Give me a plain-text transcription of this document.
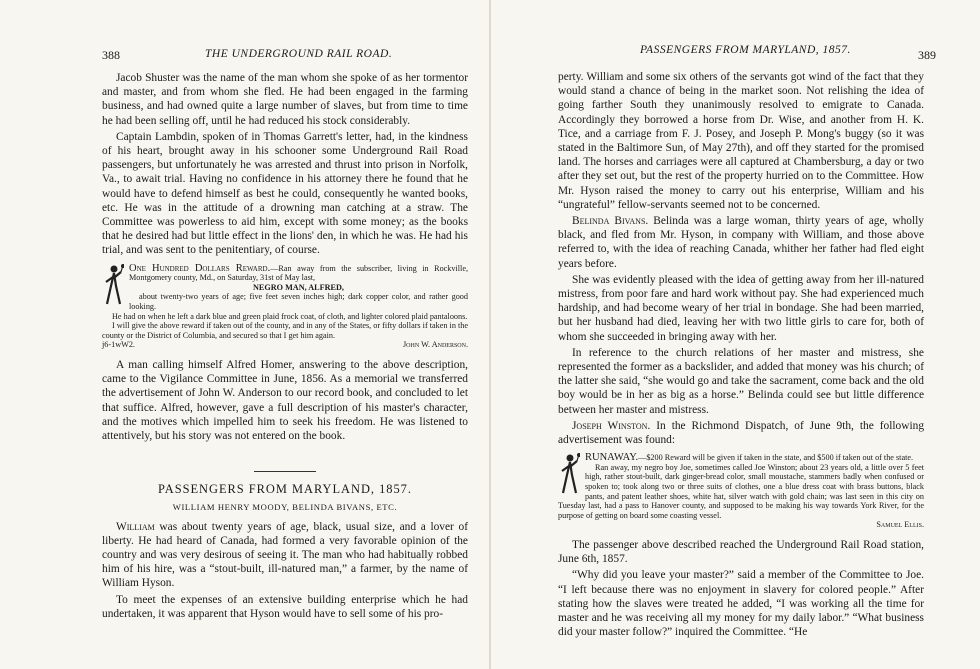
388	THE UNDERGROUND RAIL ROAD.

Jacob Shuster was the name of the man whom she spoke of as her tormentor and master, and from whom she fled. He had been engaged in the farming business, and had owned quite a large number of slaves, but from time to time he had been selling off, until he had reduced his stock considerably.

Captain Lambdin, spoken of in Thomas Garrett's letter, had, in the kindness of his heart, brought away in his schooner some Underground Rail Road passengers, but unfortunately he was arrested and thrust into prison in Norfolk, Va., to await trial. Having no confidence in his attorney there he found that he would have to defend himself as best he could, consequently he wanted books, etc. He was in the attitude of a drowning man catching at a straw. The Committee was powerless to aid him, except with some money; as the books that he desired had but little effect in the lions' den, in which he was. He had his trial, and was sent to the penitentiary, of course.

One Hundred Dollars Reward.—Ran away from the subscriber, living in Rockville, Montgomery county, Md., on Saturday, 31st of May last,

NEGRO MAN, ALFRED,

about twenty-two years of age; five feet seven inches high; dark copper color, and rather good looking.

He had on when he left a dark blue and green plaid frock coat, of cloth, and lighter colored plaid pantaloons.

I will give the above reward if taken out of the county, and in any of the States, or fifty dollars if taken in the county or the District of Columbia, and secured so that I get him again.

j6-1wW2.	John W. Anderson.

A man calling himself Alfred Homer, answering to the above description, came to the Vigilance Committee in June, 1856. As a memorial we transferred the advertisement of John W. Anderson to our record book, and concluded to let that suffice. Alfred, however, gave a full description of his master's character, and the motives which impelled him to seek his freedom. He was listened to attentively, but his story was not entered on the book.

PASSENGERS FROM MARYLAND, 1857.
WILLIAM HENRY MOODY, BELINDA BIVANS, ETC.

William was about twenty years of age, black, usual size, and a lover of liberty. He had heard of Canada, had formed a very favorable opinion of the country and was very desirous of seeing it. The man who had habitually robbed him of his hire, was a “stout-built, ill-natured man,” a farmer, by the name of William Hyson.

To meet the expenses of an extensive building enterprise which he had undertaken, it was apparent that Hyson would have to sell some of his pro-

PASSENGERS FROM MARYLAND, 1857.	389

perty. William and some six others of the servants got wind of the fact that they would stand a chance of being in the market soon. Not relishing the idea of going farther South they unanimously resolved to emigrate to Canada. Accordingly they borrowed a horse from Dr. Wise, and another from H. K. Tice, and a carriage from F. J. Posey, and Joseph P. Mong's buggy (so it was stated in the Baltimore Sun, of May 27th), and off they started for the promised land. The horses and carriages were all captured at Chambersburg, a day or two after they set out, but the rest of the property hurried on to the Committee. How Mr. Hyson raised the money to carry out his enterprise, William and his “ungrateful” fellow-servants seemed not to be concerned.

Belinda Bivans. Belinda was a large woman, thirty years of age, wholly black, and fled from Mr. Hyson, in company with William, and those above referred to, with the idea of reaching Canada, whither her father had fled eight years before.

She was evidently pleased with the idea of getting away from her ill-natured mistress, from poor fare and hard work without pay. She had experienced much hardship, and had become weary of her trial in bondage. She had been married, but her husband had died, leaving her with two little girls to care for, both of whom she succeeded in bringing away with her.

In reference to the church relations of her master and mistress, she represented the former as a backslider, and added that money was his church; of the latter she said, “she would go and take the sacrament, come back and the old boy would be in her as big as a horse.” Belinda could see but little difference between her master and mistress.

Joseph Winston. In the Richmond Dispatch, of June 9th, the following advertisement was found:

RUNAWAY.—$200 Reward will be given if taken in the state, and $500 if taken out of the state.

Ran away, my negro boy Joe, sometimes called Joe Winston; about 23 years old, a little over 5 feet high, rather stout-built, dark ginger-bread color, small moustache, stammers badly when confused or spoken to; took along two or three suits of clothes, one a blue dress coat with brass buttons, black pants, and patent leather shoes, white hat, silver watch with gold chain; was last seen in this city on Tuesday last, had a pass to Hanover county, and supposed to be making his way towards York River, for the purpose of getting on board some coasting vessel.

Samuel Ellis.

The passenger above described reached the Underground Rail Road station, June 6th, 1857.

“Why did you leave your master?” said a member of the Committee to Joe. “I left because there was no enjoyment in slavery for colored people.” After stating how the slaves were treated he added, “I was working all the time for master and he was receiving all my money for my daily labor.” “What business did your master follow?” inquired the Committee. “He
